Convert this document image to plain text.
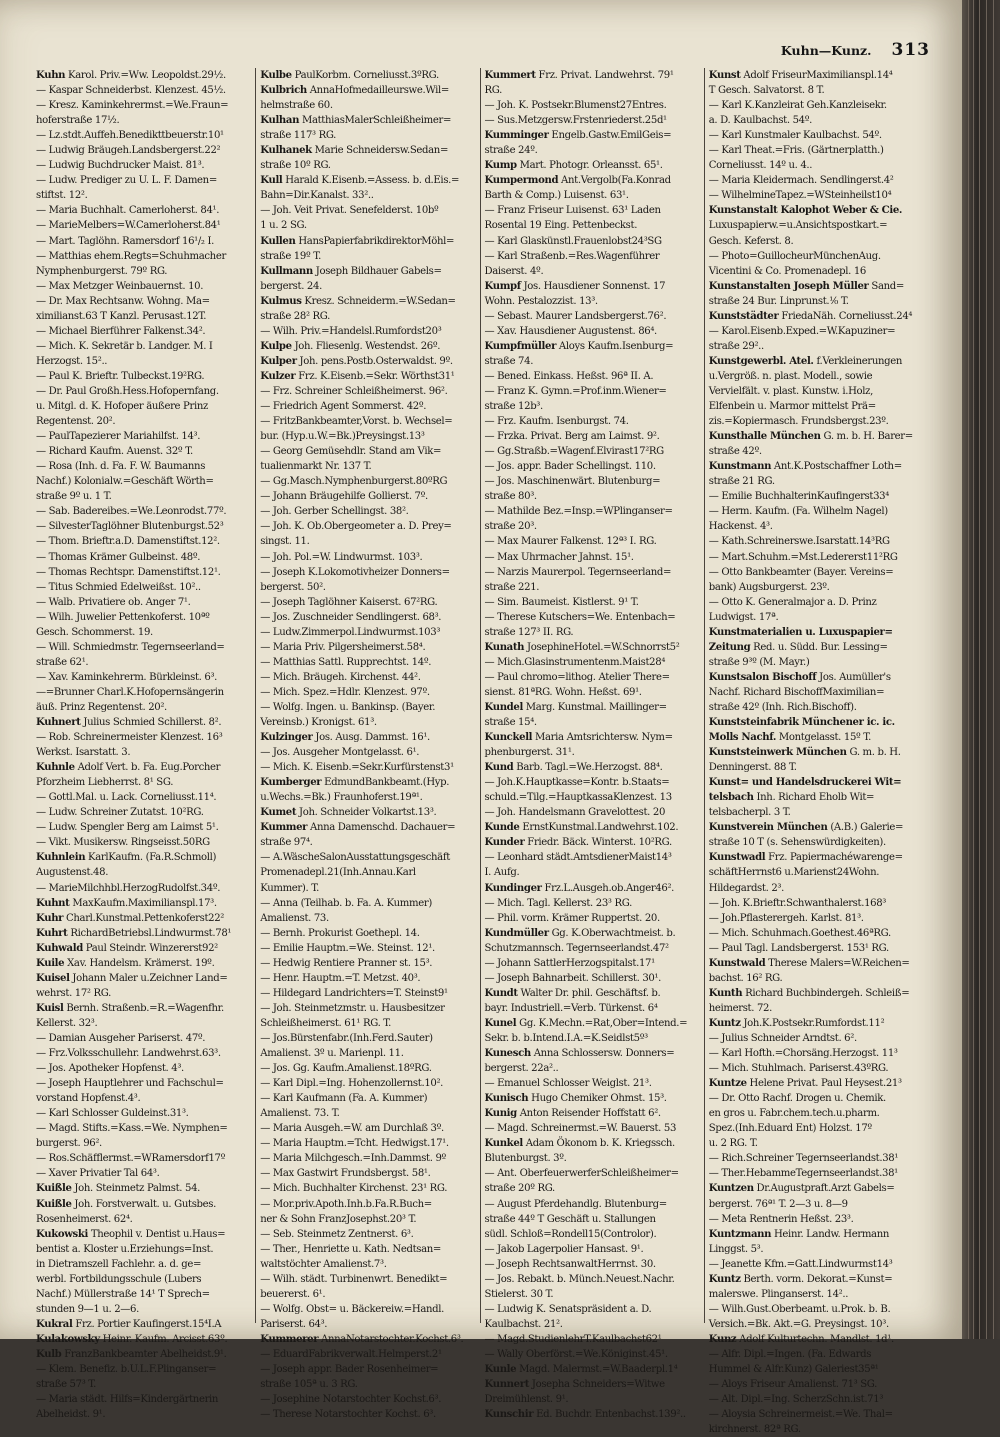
Kuhn—Kunz. 313
Kuhn Karol. Priv.=Ww. Leopoldst.29½.
— Kaspar Schneiderbst. Klenzest. 45½.
— Kresz. Kaminkehrermst.=We.Fraun=
hoferstraße 17½.
— Lz.stdt.Auffeh.Benedikttbeuerstr.10¹
— Ludwig Bräugeh.Landsbergerst.22²
— Ludwig Buchdrucker Maist. 81³.
— Ludw. Prediger zu U. L. F. Damen=
stiftst. 12².
— Maria Buchhalt. Camerloherst. 84¹.
— MarieMelbers=W.Camerloherst.84¹
— Mart. Taglöhn. Ramersdorf 16¹/₂ I.
— Matthias ehem.Regts=Schuhmacher
Nymphenburgerst. 79º RG.
— Max Metzger Weinbauernst. 10.
— Dr. Max Rechtsanw. Wohng. Ma=
ximilianst.63 T Kanzl. Perusast.12T.
— Michael Bierführer Falkenst.34².
— Mich. K. Sekretär b. Landger. M. I
Herzogst. 15²..
— Paul K. Brieftr. Tulbeckst.19²RG.
— Dr. Paul Großh.Hess.Hofopernfang.
u. Mitgl. d. K. Hofoper äußere Prinz
Regentenst. 20².
— PaulTapezierer Mariahilfst. 14³.
— Richard Kaufm. Auenst. 32º T.
— Rosa (Inh. d. Fa. F. W. Baumanns
Nachf.) Kolonialw.=Geschäft Wörth=
straße 9º u. 1 T.
— Sab. Badereibes.=We.Leonrodst.77º.
— SilvesterTaglöhner Blutenburgst.52³
— Thom. Brieftr.a.D. Damenstiftst.12².
— Thomas Krämer Gulbeinst. 48º.
— Thomas Rechtspr. Damenstiftst.12¹.
— Titus Schmied Edelweißst. 10²..
— Walb. Privatiere ob. Anger 7¹.
— Wilh. Juwelier Pettenkoferst. 10ªº
Gesch. Schommerst. 19.
— Will. Schmiedmstr. Tegernseerland=
straße 62¹.
— Xav. Kaminkehrerm. Bürkleinst. 6³.
—=Brunner Charl.K.Hofopernsängerin
äuß. Prinz Regentenst. 20².
Kuhnert Julius Schmied Schillerst. 8².
— Rob. Schreinermeister Klenzest. 16³
Werkst. Isarstatt. 3.
Kuhnle Adolf Vert. b. Fa. Eug.Porcher
Pforzheim Liebherrst. 8¹ SG.
— Gottl.Mal. u. Lack. Corneliusst.11⁴.
— Ludw. Schreiner Zutatst. 10²RG.
— Ludw. Spengler Berg am Laimst 5¹.
— Vikt. Musikersw. Ringseisst.50RG
Kuhnlein KarlKaufm. (Fa.R.Schmoll)
Augustenst.48.
— MarieMilchhbl.HerzogRudolfst.34º.
Kuhnt MaxKaufm.Maximilianspl.17³.
Kuhr Charl.Kunstmal.Pettenkoferst22²
Kuhrt RichardBetriebsl.Lindwurmst.78¹
Kuhwald Paul Steindr. Winzererst92²
Kuile Xav. Handelsm. Krämerst. 19º.
Kuisel Johann Maler u.Zeichner Land=
wehrst. 17² RG.
Kuisl Bernh. Straßenb.=R.=Wagenfhr.
Kellerst. 32³.
— Damian Ausgeher Pariserst. 47º.
— Frz.Volksschullehr. Landwehrst.63³.
— Jos. Apotheker Hopfenst. 4³.
— Joseph Hauptlehrer und Fachschul=
vorstand Hopfenst.4³.
— Karl Schlosser Guldeinst.31³.
— Magd. Stifts.=Kass.=We. Nymphen=
burgerst. 96².
— Ros.Schäfflermst.=WRamersdorf17º
— Xaver Privatier Tal 64³.
Kuißle Joh. Steinmetz Palmst. 54.
Kuißle Joh. Forstverwalt. u. Gutsbes.
Rosenheimerst. 62⁴.
Kukowski Theophil v. Dentist u.Haus=
bentist a. Kloster u.Erziehungs=Inst.
in Dietramszell Fachlehr. a. d. ge=
werbl. Fortbildungsschule (Lubers
Nachf.) Müllerstraße 14¹ T Sprech=
stunden 9—1 u. 2—6.
Kukral Frz. Portier Kaufingerst.15⁴I.A
Kulakowsky Heinr. Kaufm. Arcisst.63º.
Kulb FranzBankbeamter Abelheidst.9¹.
— Klem. Benefiz. b.U.L.F.Plinganser=
straße 57³ T.
— Maria städt. Hilfs=Kindergärtnerin
Abelheidst. 9¹.
Kulbe PaulKorbm. Corneliusst.3ºRG.
Kulbrich AnnaHofmedailleurswe.Wil=
helmstraße 60.
Kulhan MatthiasMalerSchleißheimer=
straße 117³ RG.
Kulhanek Marie Schneidersw.Sedan=
straße 10º RG.
Kull Harald K.Eisenb.=Assess. b. d.Eis.=
Bahn=Dir.Kanalst. 33²..
— Joh. Veit Privat. Senefelderst. 10bº
1 u. 2 SG.
Kullen HansPapierfabrikdirektorMöhl=
straße 19º T.
Kullmann Joseph Bildhauer Gabels=
bergerst. 24.
Kulmus Kresz. Schneiderm.=W.Sedan=
straße 28² RG.
— Wilh. Priv.=Handelsl.Rumfordst20³
Kulpe Joh. Fliesenlg. Westendst. 26º.
Kulper Joh. pens.Postb.Osterwaldst. 9º.
Kulzer Frz. K.Eisenb.=Sekr. Wörthst31¹
— Frz. Schreiner Schleißheimerst. 96².
— Friedrich Agent Sommerst. 42º.
— FritzBankbeamter,Vorst. b. Wechsel=
bur. (Hyp.u.W.=Bk.)Preysingst.13³
— Georg Gemüsehdlr. Stand am Vik=
tualienmarkt Nr. 137 T.
— Gg.Masch.Nymphenburgerst.80ºRG
— Johann Bräugehilfe Gollierst. 7º.
— Joh. Gerber Schellingst. 38².
— Joh. K. Ob.Obergeometer a. D. Prey=
singst. 11.
— Joh. Pol.=W. Lindwurmst. 103³.
— Joseph K.Lokomotivheizer Donners=
bergerst. 50².
— Joseph Taglöhner Kaiserst. 67²RG.
— Jos. Zuschneider Sendlingerst. 68³.
— Ludw.Zimmerpol.Lindwurmst.103³
— Maria Priv. Pilgersheimerst.58⁴.
— Matthias Sattl. Rupprechtst. 14º.
— Mich. Bräugeh. Kirchenst. 44².
— Mich. Spez.=Hdlr. Klenzest. 97º.
— Wolfg. Ingen. u. Bankinsp. (Bayer.
Vereinsb.) Kronigst. 61³.
Kulzinger Jos. Ausg. Dammst. 16¹.
— Jos. Ausgeher Montgelasst. 6¹.
— Mich. K. Eisenb.=Sekr.Kurfürstenst3¹
Kumberger EdmundBankbeamt.(Hyp.
u.Wechs.=Bk.) Fraunhoferst.19ª¹.
Kumet Joh. Schneider Volkartst.13³.
Kummer Anna Damenschd. Dachauer=
straße 97⁴.
— A.WäscheSalonAusstattungsgeschäft
Promenadepl.21(Inh.Annau.Karl
Kummer). T.
— Anna (Teilhab. b. Fa. A. Kummer)
Amalienst. 73.
— Bernh. Prokurist Goethepl. 14.
— Emilie Hauptm.=We. Steinst. 12¹.
— Hedwig Rentiere Pranner st. 15³.
— Henr. Hauptm.=T. Metzst. 40³.
— Hildegard Landrichters=T. Steinst9¹
— Joh. Steinmetzmstr. u. Hausbesitzer
Schleißheimerst. 61¹ RG. T.
— Jos.Bürstenfabr.(Inh.Ferd.Sauter)
Amalienst. 3º u. Marienpl. 11.
— Jos. Gg. Kaufm.Amalienst.18ºRG.
— Karl Dipl.=Ing. Hohenzollernst.10².
— Karl Kaufmann (Fa. A. Kummer)
Amalienst. 73. T.
— Maria Ausgeh.=W. am Durchlaß 3º.
— Maria Hauptm.=Tcht. Hedwigst.17¹.
— Maria Milchgesch.=Inh.Dammst. 9º
— Max Gastwirt Frundsbergst. 58¹.
— Mich. Buchhalter Kirchenst. 23¹ RG.
— Mor.priv.Apoth.Inh.b.Fa.R.Buch=
ner & Sohn FranzJosephst.20³ T.
— Seb. Steinmetz Zentnerst. 6³.
— Ther., Henriette u. Kath. Nedtsan=
waltstöchter Amalienst.7³.
— Wilh. städt. Turbinenwrt. Benedikt=
beuererst. 6¹.
— Wolfg. Obst= u. Bäckereiw.=Handl.
Pariserst. 64³.
Kummerer AnnaNotarstochter.Kochst.6³.
— EduardFabrikverwalt.Helmperst.2¹
— Joseph appr. Bader Rosenheimer=
straße 105ª u. 3 RG.
— Josephine Notarstochter Kochst.6³.
— Therese Notarstochter Kochst. 6³.
Kummert Frz. Privat. Landwehrst. 79¹
RG.
— Joh. K. Postsekr.Blumenst27Entres.
— Sus.Metzgersw.Frstenriederst.25d¹
Kumminger Engelb.Gastw.EmilGeis=
straße 24º.
Kump Mart. Photogr. Orleansst. 65¹.
Kumpermond Ant.Vergolb(Fa.Konrad
Barth & Comp.) Luisenst. 63¹.
— Franz Friseur Luisenst. 63¹ Laden
Rosental 19 Eing. Pettenbeckst.
— Karl Glaskünstl.Frauenlobst24³SG
— Karl Straßenb.=Res.Wagenführer
Daiserst. 4º.
Kumpf Jos. Hausdiener Sonnenst. 17
Wohn. Pestalozzist. 13³.
— Sebast. Maurer Landsbergerst.76².
— Xav. Hausdiener Augustenst. 86⁴.
Kumpfmüller Aloys Kaufm.Isenburg=
straße 74.
— Bened. Einkass. Heßst. 96ª II. A.
— Franz K. Gymn.=Prof.inm.Wiener=
straße 12b³.
— Frz. Kaufm. Isenburgst. 74.
— Frzka. Privat. Berg am Laimst. 9².
— Gg.Straßb.=Wagenf.Elvirast17²RG
— Jos. appr. Bader Schellingst. 110.
— Jos. Maschinenwärt. Blutenburg=
straße 80³.
— Mathilde Bez.=Insp.=WPlinganser=
straße 20³.
— Max Maurer Falkenst. 12ª³ I. RG.
— Max Uhrmacher Jahnst. 15¹.
— Narzis Maurerpol. Tegernseerland=
straße 221.
— Sim. Baumeist. Kistlerst. 9¹ T.
— Therese Kutschers=We. Entenbach=
straße 127³ II. RG.
Kunath JosephineHotel.=W.Schnorrst5²
— Mich.Glasinstrumentenm.Maist28⁴
— Paul chromo=lithog. Atelier There=
sienst. 81ªRG. Wohn. Heßst. 69¹.
Kundel Marg. Kunstmal. Maillinger=
straße 15⁴.
Kunckell Maria Amtsrichtersw. Nym=
phenburgerst. 31¹.
Kund Barb. Tagl.=We.Herzogst. 88⁴.
— Joh.K.Hauptkasse=Kontr. b.Staats=
schuld.=Tilg.=HauptkassaKlenzest. 13
— Joh. Handelsmann Gravelottest. 20
Kunde ErnstKunstmal.Landwehrst.102.
Kunder Friedr. Bäck. Winterst. 10²RG.
— Leonhard städt.AmtsdienerMaist14³
I. Aufg.
Kundinger Frz.L.Ausgeh.ob.Anger46².
— Mich. Tagl. Kellerst. 23³ RG.
— Phil. vorm. Krämer Ruppertst. 20.
Kundmüller Gg. K.Oberwachtmeist. b.
Schutzmannsch. Tegernseerlandst.47²
— Johann SattlerHerzogspitalst.17¹
— Joseph Bahnarbeit. Schillerst. 30¹.
Kundt Walter Dr. phil. Geschäftsf. b.
bayr. Industriell.=Verb. Türkenst. 6⁴
Kunel Gg. K.Mechn.=Rat,Ober=Intend.=
Sekr. b. b.Intend.I.A.=K.Seidlst5º³
Kunesch Anna Schlossersw. Donners=
bergerst. 22a²..
— Emanuel Schlosser Weiglst. 21³.
Kunisch Hugo Chemiker Ohmst. 15³.
Kunig Anton Reisender Hoffstatt 6².
— Magd. Schreinermst.=W. Bauerst. 53
Kunkel Adam Ökonom b. K. Kriegssch.
Blutenburgst. 3º.
— Ant. OberfeuerwerferSchleißheimer=
straße 20º RG.
— August Pferdehandlg. Blutenburg=
straße 44º T Geschäft u. Stallungen
südl. Schloß=Rondell15(Controlor).
— Jakob Lagerpolier Hansast. 9¹.
— Joseph RechtsanwaltHerrnst. 30.
— Jos. Rebakt. b. Münch.Neuest.Nachr.
Stielerst. 30 T.
— Ludwig K. Senatspräsident a. D.
Kaulbachst. 21².
— Magd.StudienlehrT.Kaulbachst62¹
— Wally Oberförst.=We.Königinst.45¹.
Kunle Magd. Malermst.=W.Baaderpl.1⁴
Kunnert Josepha Schneiders=Witwe
Dreimühlenst. 9¹.
Kunschir Ed. Buchdr. Entenbachst.139²..
Kunst Adolf FriseurMaximilianspl.14⁴
T Gesch. Salvatorst. 8 T.
— Karl K.Kanzleirat Geh.Kanzleisekr.
a. D. Kaulbachst. 54º.
— Karl Kunstmaler Kaulbachst. 54º.
— Karl Theat.=Fris. (Gärtnerplatth.)
Corneliusst. 14º u. 4..
— Maria Kleidermach. Sendlingerst.4²
— WilhelmineTapez.=WSteinheilst10⁴
Kunstanstalt Kalophot Weber & Cie.
Luxuspapierw.=u.Ansichtspostkart.=
Gesch. Keferst. 8.
— Photo=GuillocheurMünchenAug.
Vicentini & Co. Promenadepl. 16
Kunstanstalten Joseph Müller Sand=
straße 24 Bur. Linprunst.¹⁄₀ T.
Kunststädter FriedaNäh. Corneliusst.24⁴
— Karol.Eisenb.Exped.=W.Kapuziner=
straße 29²..
Kunstgewerbl. Atel. f.Verkleinerungen
u.Vergröß. n. plast. Modell., sowie
Vervielfält. v. plast. Kunstw. i.Holz,
Elfenbein u. Marmor mittelst Prä=
zis.=Kopiermasch. Frundsbergst.23º.
Kunsthalle München G. m. b. H. Barer=
straße 42º.
Kunstmann Ant.K.Postschaffner Loth=
straße 21 RG.
— Emilie BuchhalterinKaufingerst33⁴
— Herm. Kaufm. (Fa. Wilhelm Nagel)
Hackenst. 4³.
— Kath.Schreinerswe.Isarstatt.14³RG
— Mart.Schuhm.=Mst.Ledererst11²RG
— Otto Bankbeamter (Bayer. Vereins=
bank) Augsburgerst. 23º.
— Otto K. Generalmajor a. D. Prinz
Ludwigst. 17ª.
Kunstmaterialien u. Luxuspapier=
Zeitung Red. u. Südd. Bur. Lessing=
straße 9³º (M. Mayr.)
Kunstsalon Bischoff Jos. Aumüller's
Nachf. Richard BischoffMaximilian=
straße 42º (Inh. Rich.Bischoff).
Kunststeinfabrik Münchener ic. ic.
Molls Nachf. Montgelasst. 15º T.
Kunststeinwerk München G. m. b. H.
Denningerst. 88 T.
Kunst= und Handelsdruckerei Wit=
telsbach Inh. Richard Eholb Wit=
telsbacherpl. 3 T.
Kunstverein München (A.B.) Galerie=
straße 10 T (s. Sehenswürdigkeiten).
Kunstwadl Frz. Papiermachéwarenge=
schäftHerrnst6 u.Marienst24Wohn.
Hildegardst. 2³.
— Joh. K.Brieftr.Schwanthalerst.168³
— Joh.Pflasterergeh. Karlst. 81³.
— Mich. Schuhmach.Goethest.46ªRG.
— Paul Tagl. Landsbergerst. 153¹ RG.
Kunstwald Therese Malers=W.Reichen=
bachst. 16² RG.
Kunth Richard Buchbindergeh. Schleiß=
heimerst. 72.
Kuntz Joh.K.Postsekr.Rumfordst.11²
— Julius Schneider Arndtst. 6².
— Karl Hofth.=Chorsäng.Herzogst. 11³
— Mich. Stuhlmach. Pariserst.43ºRG.
Kuntze Helene Privat. Paul Heysest.21³
— Dr. Otto Rachf. Drogen u. Chemik.
en gros u. Fabr.chem.tech.u.pharm.
Spez.(Inh.Eduard Ent) Holzst. 17º
u. 2 RG. T.
— Rich.Schreiner Tegernseerlandst.38¹
— Ther.HebammeTegernseerlandst.38¹
Kuntzen Dr.Augustpraft.Arzt Gabels=
bergerst. 76ª¹ T. 2—3 u. 8—9
— Meta Rentnerin Heßst. 23³.
Kuntzmann Heinr. Landw. Hermann
Linggst. 5³.
— Jeanette Kfm.=Gatt.Lindwurmst14³
Kuntz Berth. vorm. Dekorat.=Kunst=
malerswe. Plinganserst. 14²..
— Wilh.Gust.Oberbeamt. u.Prok. b. B.
Versich.=Bk. Akt.=G. Preysingst. 10³.
Kunz Adolf Kulturtechn. Mandlst. 1d¹.
— Alfr. Dipl.=Ingen. (Fa. Edwards
Hummel & Alfr.Kunz) Galeriest35ª¹
— Aloys Friseur Amalienst. 71³ SG.
— Alt. Dipl.=Ing. ScherzSchn.ist.71³
— Aloysia Schreinermeist.=We. Thal=
kirchnerst. 82ª RG.
